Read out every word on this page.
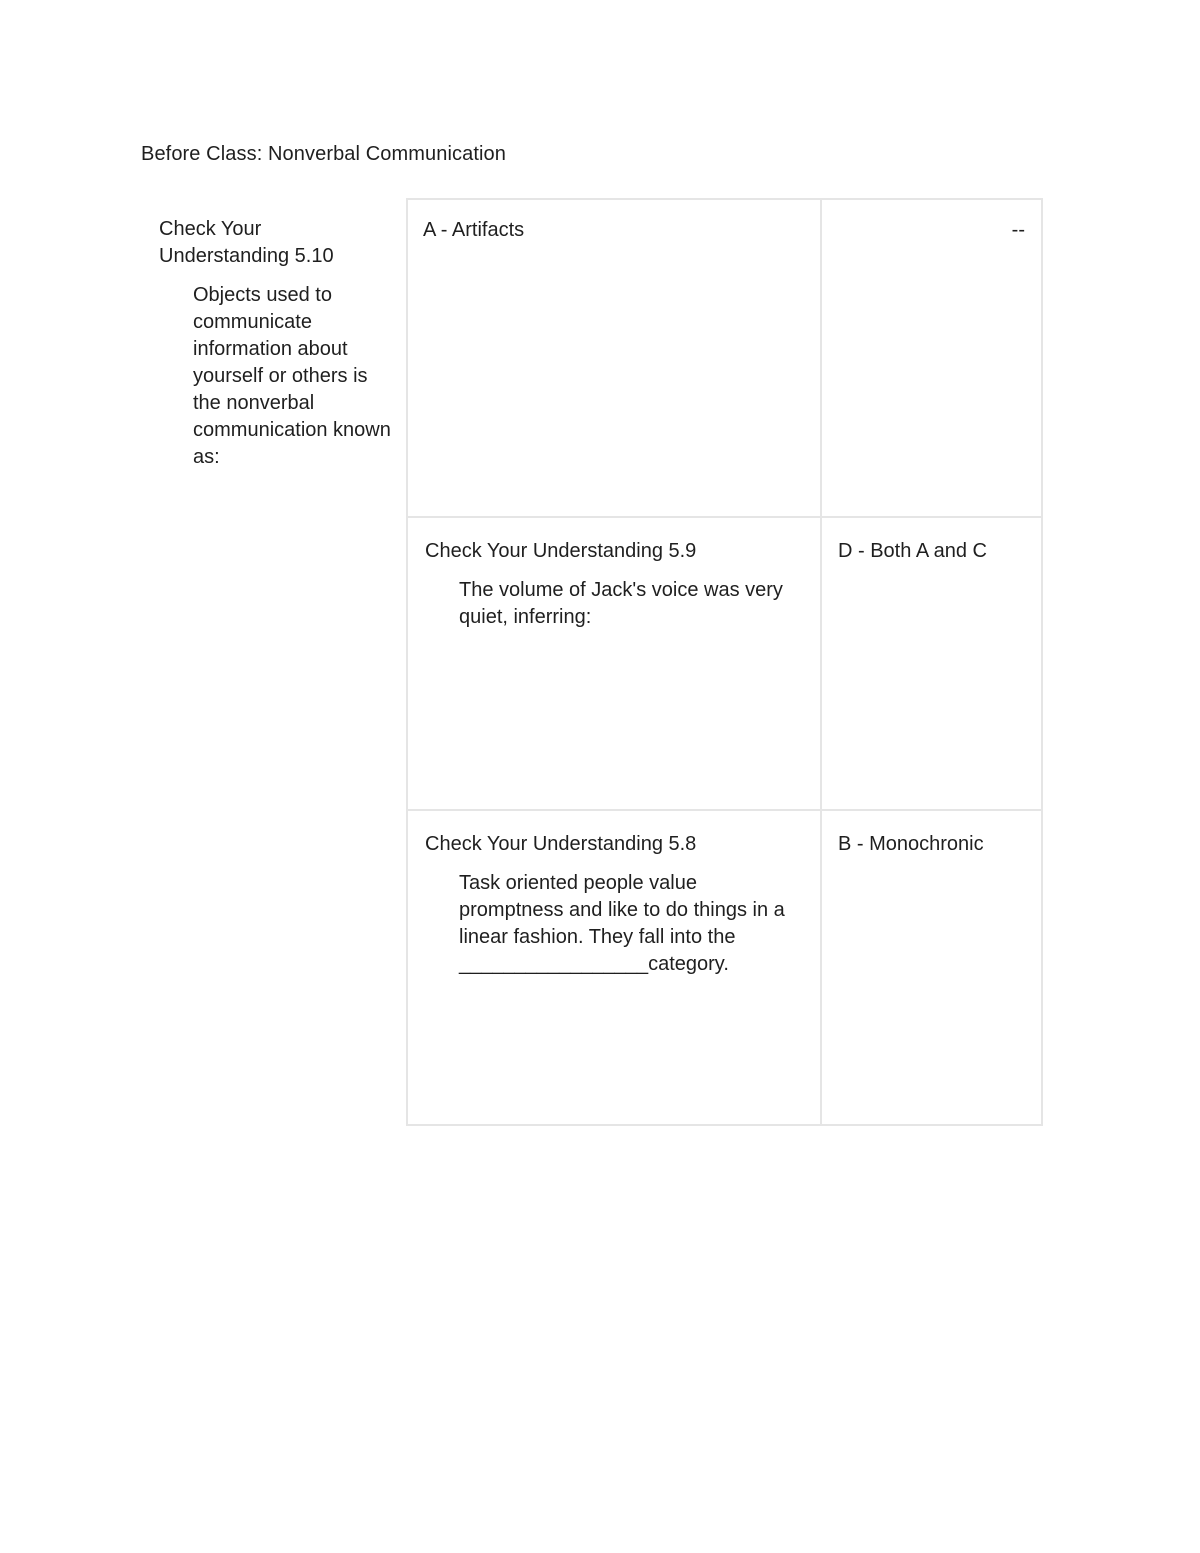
Before Class: Nonverbal Communication
Check Your Understanding 5.10
Objects used to communicate information about yourself or others is the nonverbal communication known as:
A - Artifacts	--
Check Your Understanding 5.9
The volume of Jack's voice was very quiet, inferring:
D - Both A and C
Check Your Understanding 5.8
Task oriented people value promptness and like to do things in a linear fashion. They fall into the _________________category.
B - Monochronic
